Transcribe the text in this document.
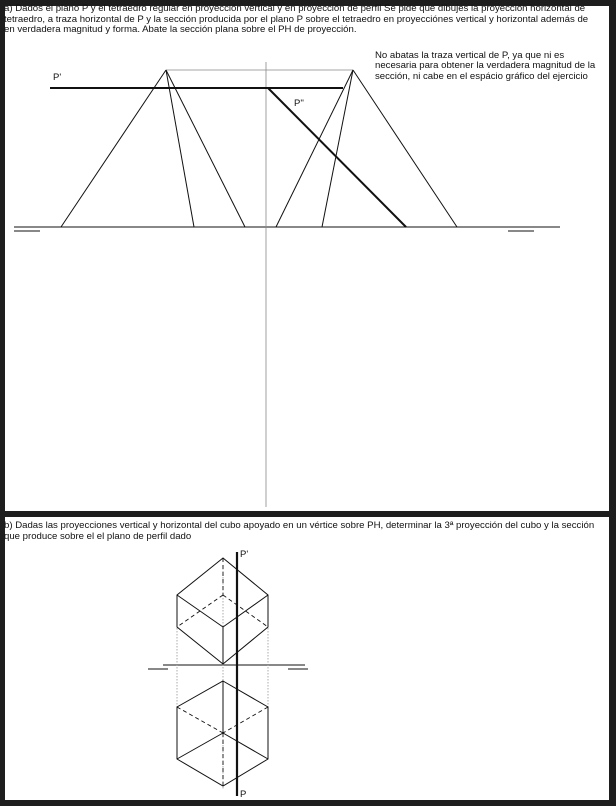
a) Dados el plano P y el tetraedro regular en proyección vertical y en proyección de perfil Se pide que dibujes la proyección horizontal de tetraedro, a traza horizontal de P y la sección producida por el plano P sobre el tetraedro en proyecciónes vertical y horizontal además de en verdadera magnitud y forma. Abate la sección plana sobre el PH de proyección.

No abatas la traza vertical de P, ya que ni es necesaria para obtener la verdadera magnitud de la sección, ni cabe en el espácio gráfico del ejercicio

P'
P''

b) Dadas las proyecciones vertical y horizontal del cubo apoyado en un vértice sobre PH, determinar la 3ª proyección del cubo y la sección que produce sobre el el plano de perfil dado

P'
P
